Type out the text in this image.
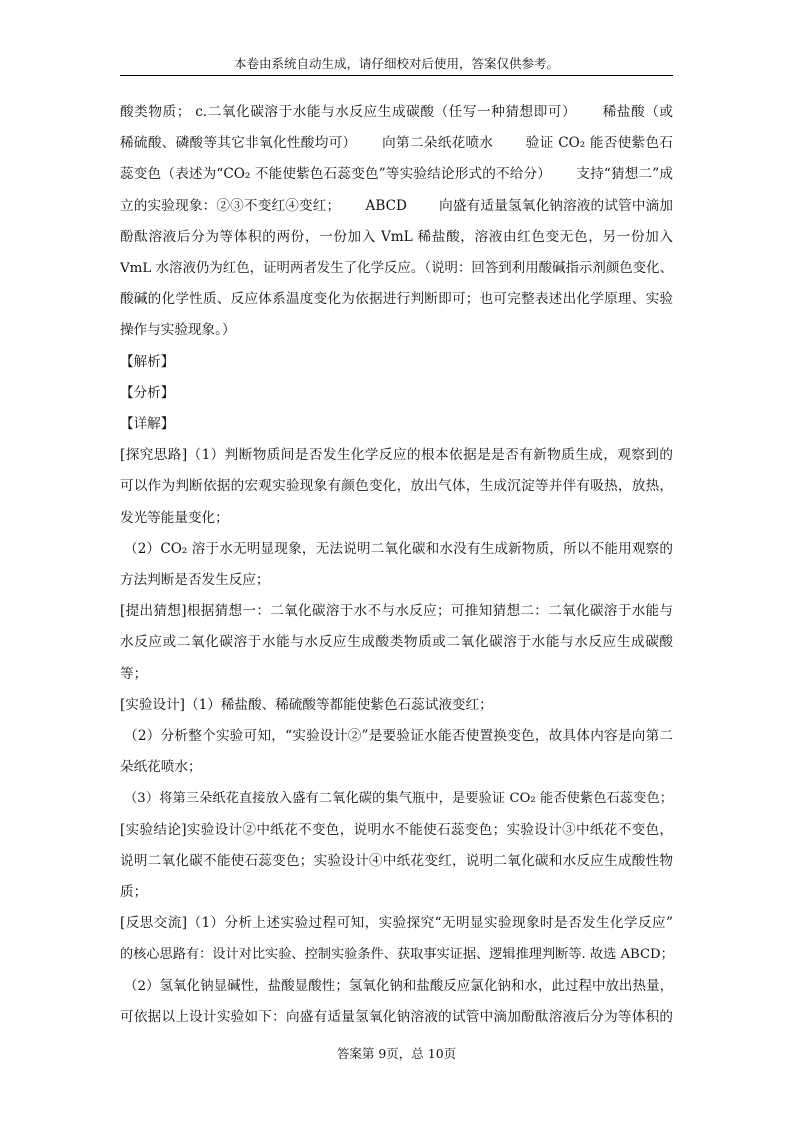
本卷由系统自动生成，请仔细校对后使用，答案仅供参考。

酸类物质； c.二氧化碳溶于水能与水反应生成碳酸（任写一种猜想即可）　　 稀盐酸（或

稀硫酸、磷酸等其它非氧化性酸均可）　　 向第二朵纸花喷水　　 验证 CO₂ 能否使紫色石

蕊变色（表述为“CO₂ 不能使紫色石蕊变色”等实验结论形式的不给分）　　 支持“猜想二”成

立的实验现象：②③不变红④变红；　　 ABCD　　 向盛有适量氢氧化钠溶液的试管中滴加

酚酞溶液后分为等体积的两份，一份加入 VmL 稀盐酸，溶液由红色变无色，另一份加入

VmL 水溶液仍为红色，证明两者发生了化学反应。（说明：回答到利用酸碱指示剂颜色变化、

酸碱的化学性质、反应体系温度变化为依据进行判断即可；也可完整表述出化学原理、实验

操作与实验现象。）

【解析】

【分析】

【详解】

[探究思路]（1）判断物质间是否发生化学反应的根本依据是是否有新物质生成，观察到的

可以作为判断依据的宏观实验现象有颜色变化，放出气体，生成沉淀等并伴有吸热，放热，

发光等能量变化；

（2）CO₂ 溶于水无明显现象，无法说明二氧化碳和水没有生成新物质，所以不能用观察的

方法判断是否发生反应；

[提出猜想]根据猜想一：二氧化碳溶于水不与水反应；可推知猜想二：二氧化碳溶于水能与

水反应或二氧化碳溶于水能与水反应生成酸类物质或二氧化碳溶于水能与水反应生成碳酸

等；

[实验设计]（1）稀盐酸、稀硫酸等都能使紫色石蕊试液变红；

（2）分析整个实验可知，“实验设计②”是要验证水能否使置换变色，故具体内容是向第二

朵纸花喷水；

（3）将第三朵纸花直接放入盛有二氧化碳的集气瓶中，是要验证 CO₂ 能否使紫色石蕊变色；

[实验结论]实验设计②中纸花不变色，说明水不能使石蕊变色；实验设计③中纸花不变色，

说明二氧化碳不能使石蕊变色；实验设计④中纸花变红，说明二氧化碳和水反应生成酸性物

质；

[反思交流]（1）分析上述实验过程可知，实验探究“无明显实验现象时是否发生化学反应”

的核心思路有：设计对比实验、控制实验条件、获取事实证据、逻辑推理判断等. 故选 ABCD；

（2）氢氧化钠显碱性，盐酸显酸性；氢氧化钠和盐酸反应氯化钠和水，此过程中放出热量，

可依据以上设计实验如下：向盛有适量氢氧化钠溶液的试管中滴加酚酞溶液后分为等体积的

答案第 9页，总 10页
